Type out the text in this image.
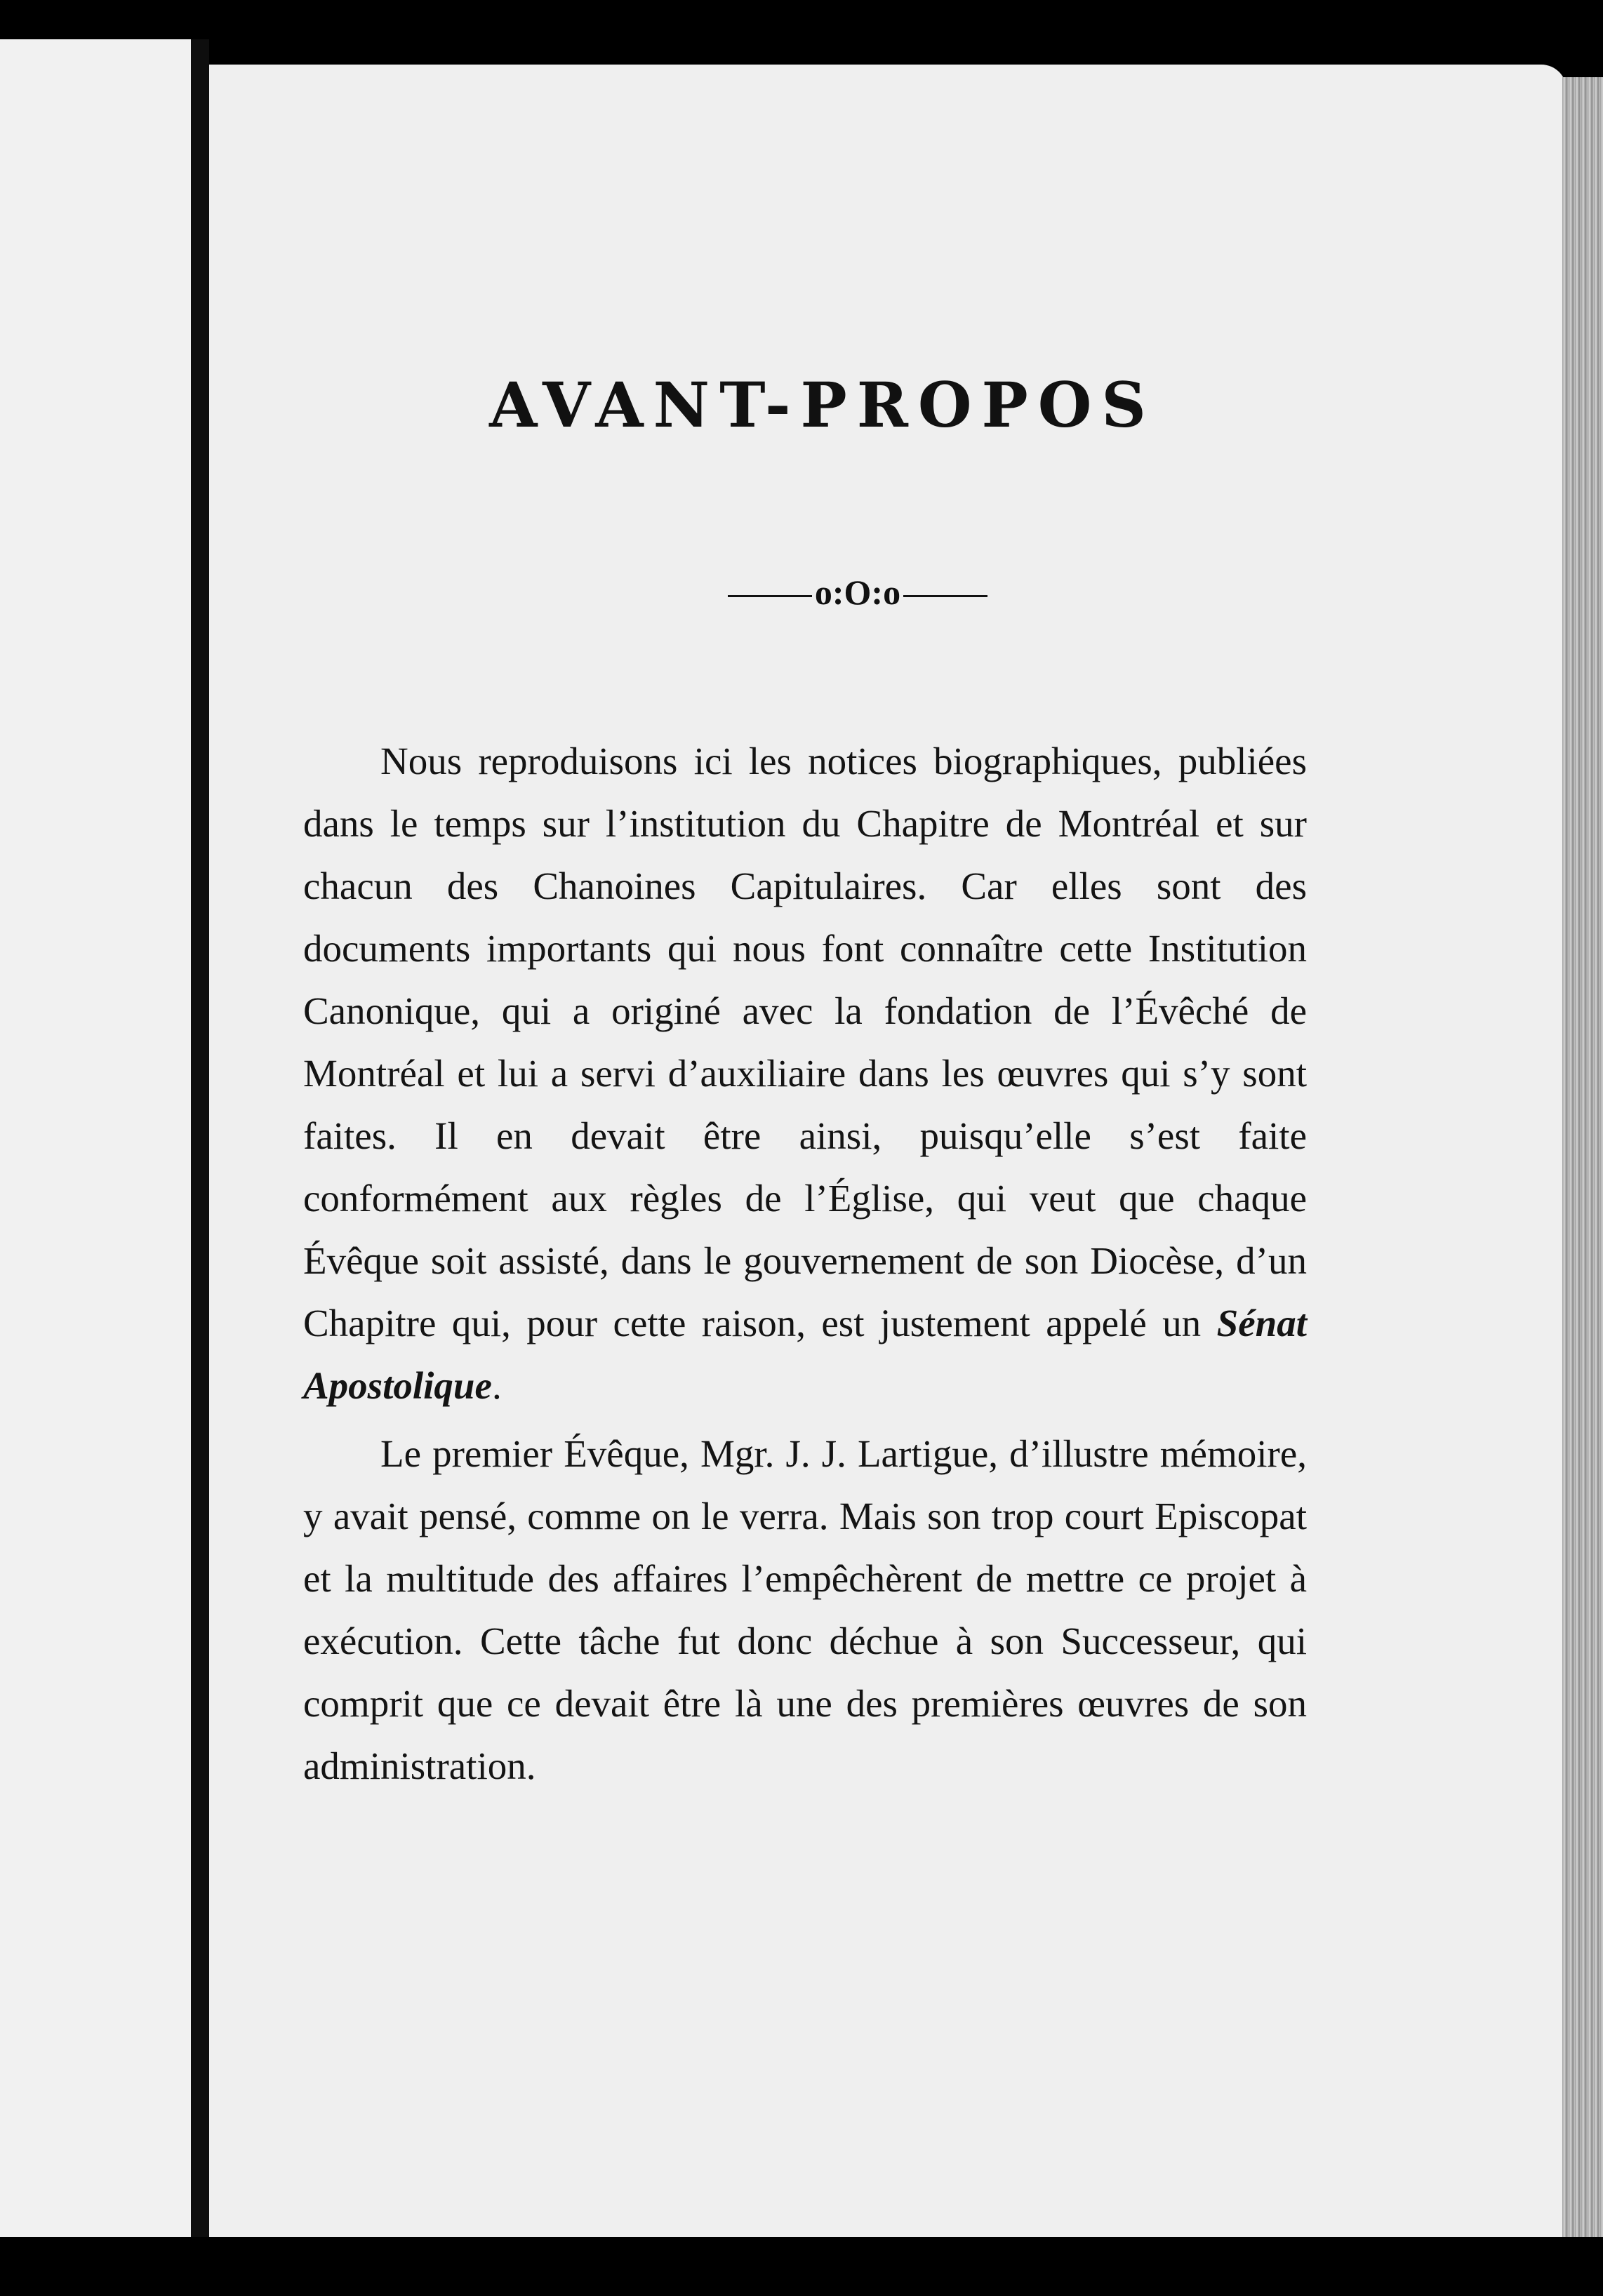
AVANT-PROPOS
o:O:o

Nous reproduisons ici les notices biographiques, publiées dans le temps sur l’institution du Chapitre de Montréal et sur chacun des Chanoines Capitulaires. Car elles sont des documents importants qui nous font connaître cette Institution Canonique, qui a originé avec la fondation de l’Évêché de Montréal et lui a servi d’auxiliaire dans les œuvres qui s’y sont faites. Il en devait être ainsi, puisqu’elle s’est faite conformément aux règles de l’Église, qui veut que chaque Évêque soit assisté, dans le gouvernement de son Diocèse, d’un Chapitre qui, pour cette raison, est justement appelé un Sénat Apostolique.

Le premier Évêque, Mgr. J. J. Lartigue, d’illustre mémoire, y avait pensé, comme on le verra. Mais son trop court Episcopat et la multitude des affaires l’empêchèrent de mettre ce projet à exécution. Cette tâche fut donc déchue à son Successeur, qui comprit que ce devait être là une des premières œuvres de son administration.
